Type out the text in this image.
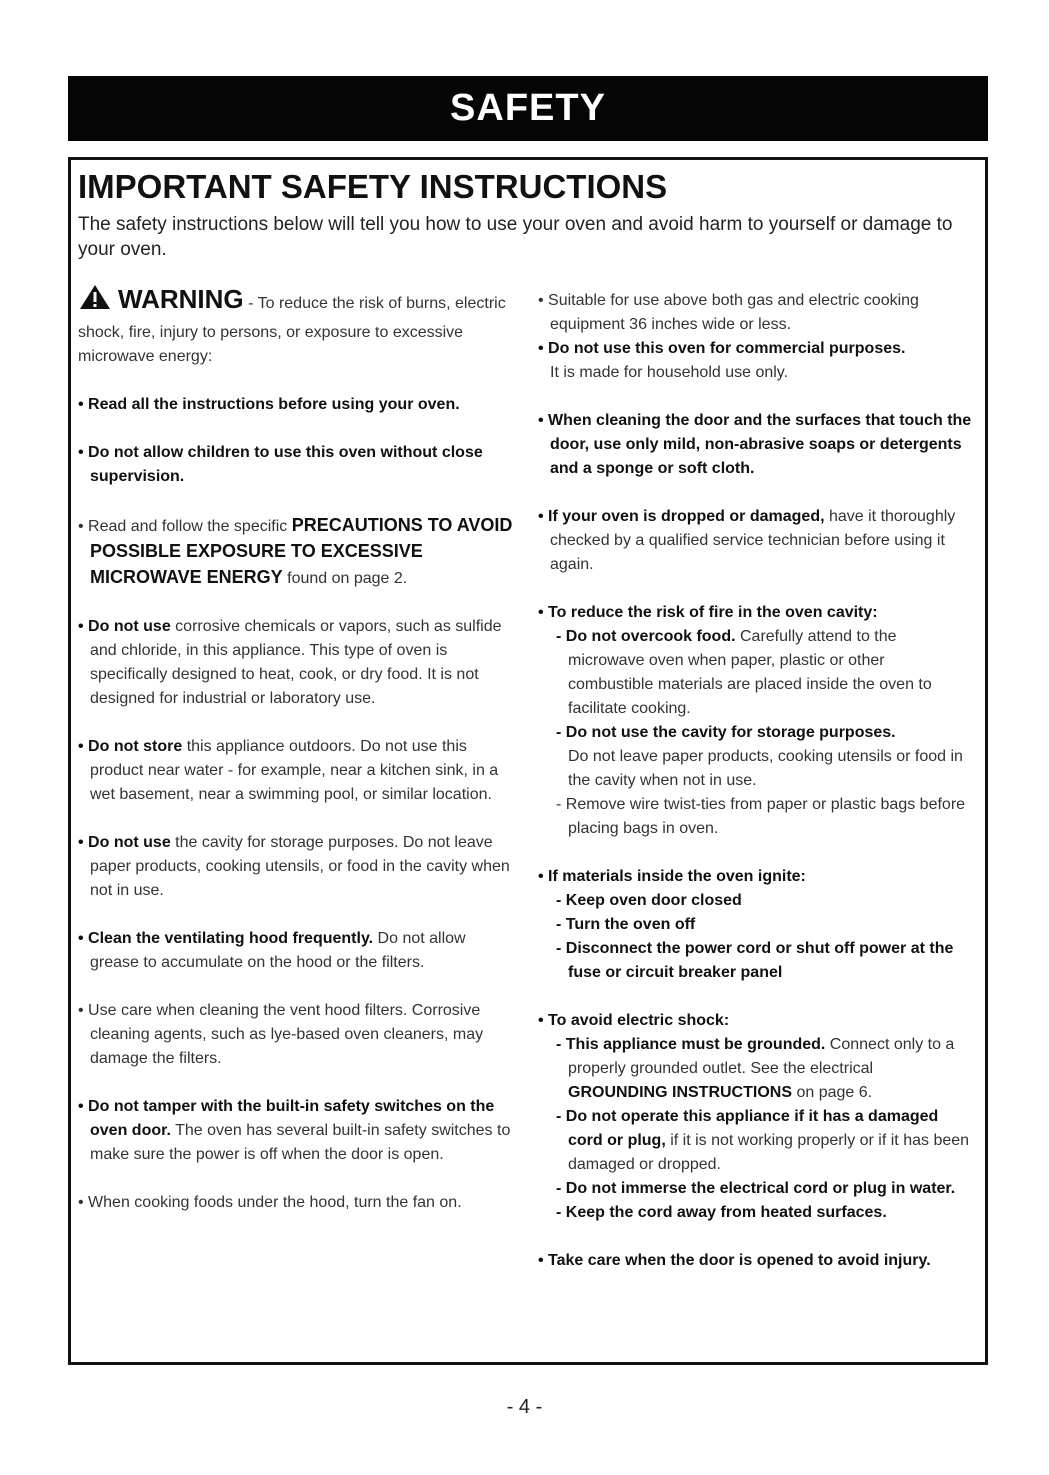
SAFETY
IMPORTANT SAFETY INSTRUCTIONS

The safety instructions below will tell you how to use your oven and avoid harm to yourself or damage to your oven.

WARNING - To reduce the risk of burns, electric shock, fire, injury to persons, or exposure to excessive microwave energy:

• Read all the instructions before using your oven.

• Do not allow children to use this oven without close supervision.

• Read and follow the specific PRECAUTIONS TO AVOID POSSIBLE EXPOSURE TO EXCESSIVE MICROWAVE ENERGY found on page 2.

• Do not use corrosive chemicals or vapors, such as sulfide and chloride, in this appliance. This type of oven is specifically designed to heat, cook, or dry food. It is not designed for industrial or laboratory use.

• Do not store this appliance outdoors. Do not use this product near water - for example, near a kitchen sink, in a wet basement, near a swimming pool, or similar location.

• Do not use the cavity for storage purposes. Do not leave paper products, cooking utensils, or food in the cavity when not in use.

• Clean the ventilating hood frequently. Do not allow grease to accumulate on the hood or the filters.

• Use care when cleaning the vent hood filters. Corrosive cleaning agents, such as lye-based oven cleaners, may damage the filters.

• Do not tamper with the built-in safety switches on the oven door. The oven has several built-in safety switches to make sure the power is off when the door is open.

• When cooking foods under the hood, turn the fan on.

• Suitable for use above both gas and electric cooking equipment 36 inches wide or less.

• Do not use this oven for commercial purposes.

It is made for household use only.

• When cleaning the door and the surfaces that touch the door, use only mild, non-abrasive soaps or detergents and a sponge or soft cloth.

• If your oven is dropped or damaged, have it thoroughly checked by a qualified service technician before using it again.

• To reduce the risk of fire in the oven cavity:

- Do not overcook food. Carefully attend to the microwave oven when paper, plastic or other combustible materials are placed inside the oven to facilitate cooking.

- Do not use the cavity for storage purposes.

Do not leave paper products, cooking utensils or food in the cavity when not in use.

- Remove wire twist-ties from paper or plastic bags before placing bags in oven.

• If materials inside the oven ignite:

- Keep oven door closed

- Turn the oven off

- Disconnect the power cord or shut off power at the fuse or circuit breaker panel

• To avoid electric shock:

- This appliance must be grounded. Connect only to a properly grounded outlet. See the electrical GROUNDING INSTRUCTIONS on page 6.

- Do not operate this appliance if it has a damaged cord or plug, if it is not working properly or if it has been damaged or dropped.

- Do not immerse the electrical cord or plug in water.

- Keep the cord away from heated surfaces.

• Take care when the door is opened to avoid injury.

- 4 -
